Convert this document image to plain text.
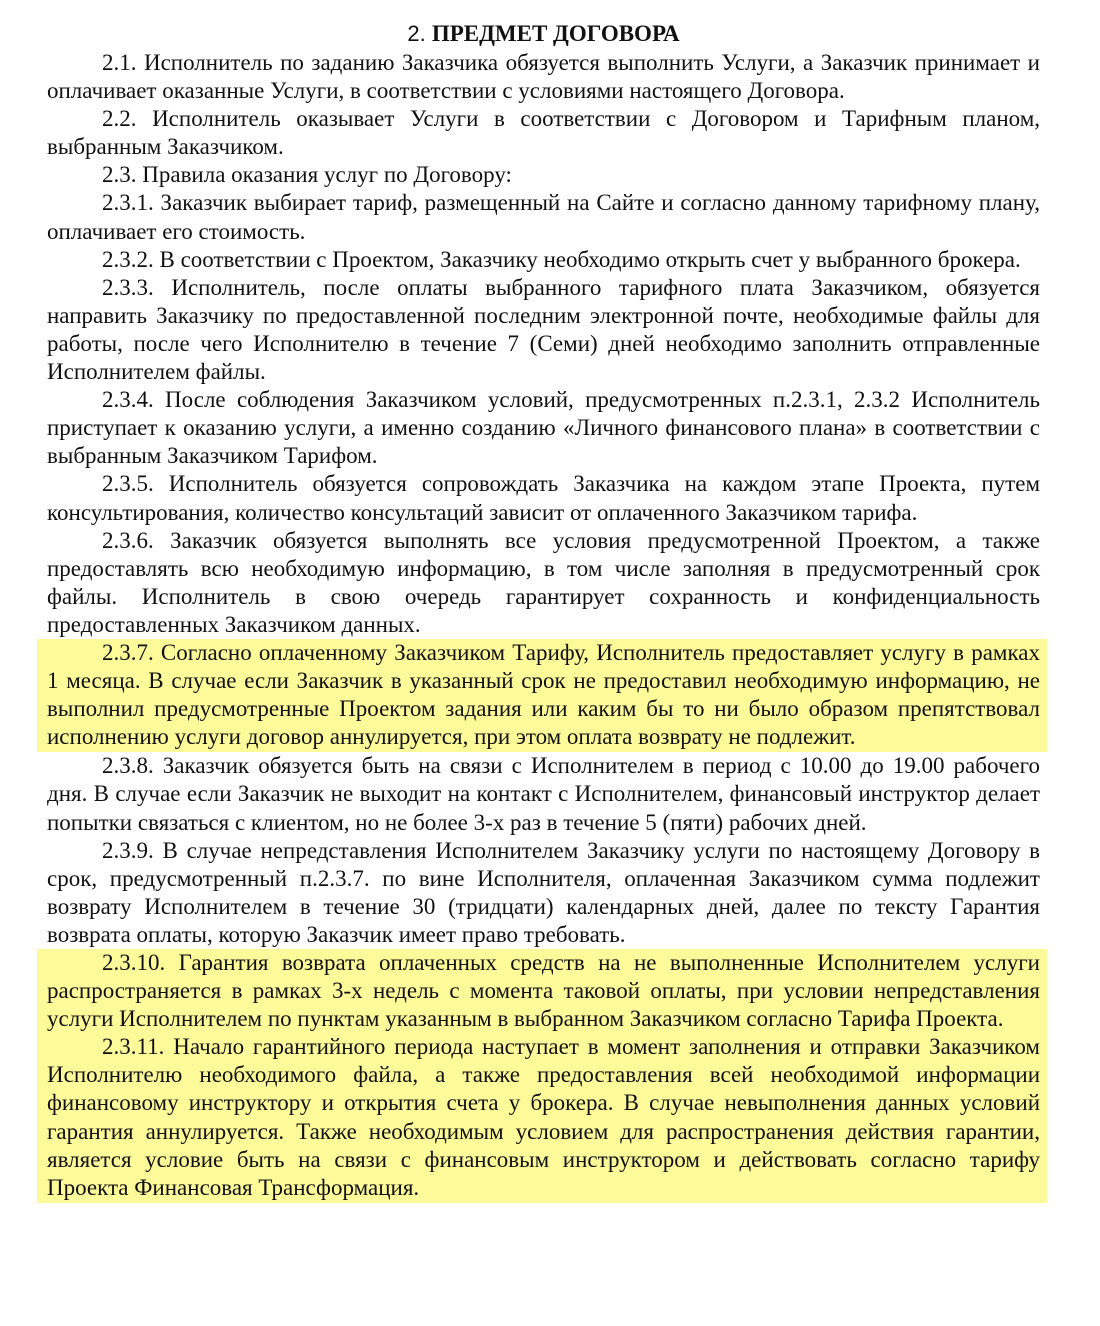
2. ПРЕДМЕТ ДОГОВОРА

2.1. Исполнитель по заданию Заказчика обязуется выполнить Услуги, а Заказчик принимает и оплачивает оказанные Услуги, в соответствии с условиями настоящего Договора.

2.2. Исполнитель оказывает Услуги в соответствии с Договором и Тарифным планом, выбранным Заказчиком.

2.3. Правила оказания услуг по Договору:

2.3.1. Заказчик выбирает тариф, размещенный на Сайте и согласно данному тарифному плану, оплачивает его стоимость.

2.3.2. В соответствии с Проектом, Заказчику необходимо открыть счет у выбранного брокера.

2.3.3. Исполнитель, после оплаты выбранного тарифного плата Заказчиком, обязуется направить Заказчику по предоставленной последним электронной почте, необходимые файлы для работы, после чего Исполнителю в течение 7 (Семи) дней необходимо заполнить отправленные Исполнителем файлы.

2.3.4. После соблюдения Заказчиком условий, предусмотренных п.2.3.1, 2.3.2 Исполнитель приступает к оказанию услуги, а именно созданию «Личного финансового плана» в соответствии с выбранным Заказчиком Тарифом.

2.3.5. Исполнитель обязуется сопровождать Заказчика на каждом этапе Проекта, путем консультирования, количество консультаций зависит от оплаченного Заказчиком тарифа.

2.3.6. Заказчик обязуется выполнять все условия предусмотренной Проектом, а также предоставлять всю необходимую информацию, в том числе заполняя в предусмотренный срок файлы. Исполнитель в свою очередь гарантирует сохранность и конфиденциальность предоставленных Заказчиком данных.

2.3.7. Согласно оплаченному Заказчиком Тарифу, Исполнитель предоставляет услугу в рамках 1 месяца. В случае если Заказчик в указанный срок не предоставил необходимую информацию, не выполнил предусмотренные Проектом задания или каким бы то ни было образом препятствовал исполнению услуги договор аннулируется, при этом оплата возврату не подлежит.

2.3.8. Заказчик обязуется быть на связи с Исполнителем в период с 10.00 до 19.00 рабочего дня. В случае если Заказчик не выходит на контакт с Исполнителем, финансовый инструктор делает попытки связаться с клиентом, но не более 3-х раз в течение 5 (пяти) рабочих дней.

2.3.9. В случае непредставления Исполнителем Заказчику услуги по настоящему Договору в срок, предусмотренный п.2.3.7. по вине Исполнителя, оплаченная Заказчиком сумма подлежит возврату Исполнителем в течение 30 (тридцати) календарных дней, далее по тексту Гарантия возврата оплаты, которую Заказчик имеет право требовать.

2.3.10. Гарантия возврата оплаченных средств на не выполненные Исполнителем услуги распространяется в рамках 3-х недель с момента таковой оплаты, при условии непредставления услуги Исполнителем по пунктам указанным в выбранном Заказчиком согласно Тарифа Проекта.

2.3.11. Начало гарантийного периода наступает в момент заполнения и отправки Заказчиком Исполнителю необходимого файла, а также предоставления всей необходимой информации финансовому инструктору и открытия счета у брокера. В случае невыполнения данных условий гарантия аннулируется. Также необходимым условием для распространения действия гарантии, является условие быть на связи с финансовым инструктором и действовать согласно тарифу Проекта Финансовая Трансформация.
